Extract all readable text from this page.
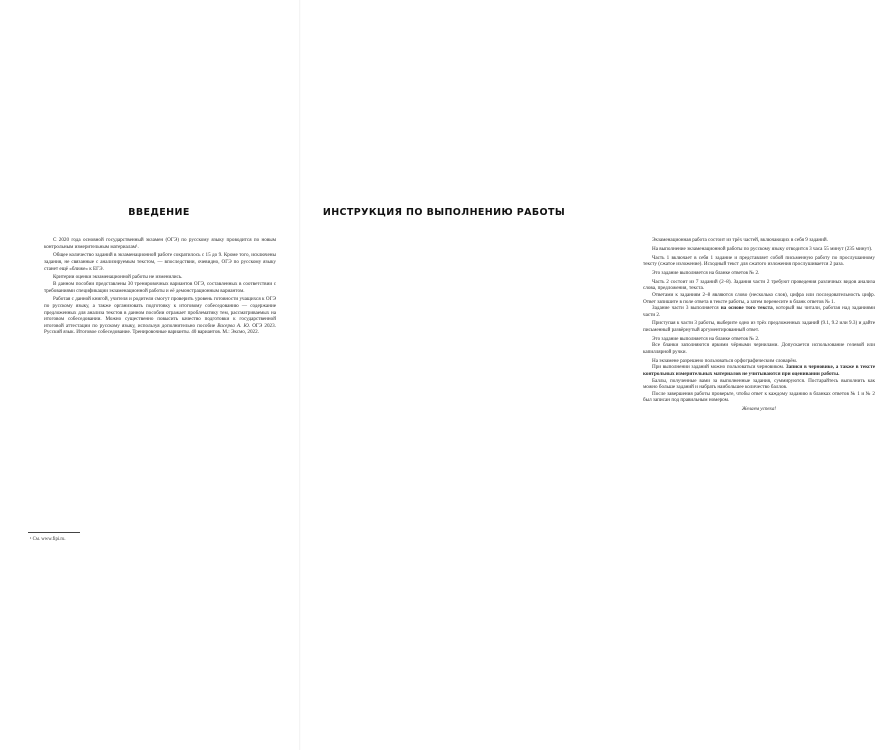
ВВЕДЕНИЕ

С 2020 года основной государственный экзамен (ОГЭ) по русскому языку проводится по новым контрольным измерительным материалам¹.

Общее количество заданий в экзаменационной работе сократилось с 15 до 9. Кроме того, исключены задания, не связанные с анализируемым текстом, — впоследствии, очевидно, ОГЭ по русскому языку станет ещё «ближе» к ЕГЭ.

Критерии оценки экзаменационной работы не изменились.

В данном пособии представлены 30 тренировочных вариантов ОГЭ, составленных в соответствии с требованиями спецификации экзаменационной работы и её демонстрационным вариантом.

Работая с данной книгой, учителя и родители смогут проверить уровень готовности учащихся к ОГЭ по русскому языку, а также организовать подготовку к итоговому собеседованию — содержание предложенных для анализа текстов в данном пособии отражает проблематику тем, рассматриваемых на итоговом собеседовании. Можно существенно повысить качество подготовки к государственной итоговой аттестации по русскому языку, используя дополнительно пособие Васерва А. Ю. ОГЭ 2023. Русский язык. Итоговое собеседование. Тренировочные варианты. 40 вариантов. М.: Эксмо, 2022.

¹ См. www.fipi.ru.
ИНСТРУКЦИЯ ПО ВЫПОЛНЕНИЮ РАБОТЫ

Экзаменационная работа состоит из трёх частей, включающих в себя 9 заданий.

На выполнение экзаменационной работы по русскому языку отводится 3 часа 55 минут (235 минут).

Часть 1 включает в себя 1 задание и представляет собой письменную работу по прослушанному тексту (сжатое изложение). Исходный текст для сжатого изложения прослушивается 2 раза.

Это задание выполняется на бланке ответов № 2.

Часть 2 состоит из 7 заданий (2–8). Задания части 2 требуют проведения различных видов анализа слова, предложения, текста.

Ответами к заданиям 2–8 являются слово (несколько слов), цифра или последовательность цифр. Ответ запишите в поле ответа в тексте работы, а затем перенесите в бланк ответов № 1.

Задание части 3 выполняется на основе того текста, который вы читали, работая над заданиями части 2.

Приступая к части 3 работы, выберите одно из трёх предложенных заданий (9.1, 9.2 или 9.3) и дайте письменный развёрнутый аргументированный ответ.

Это задание выполняется на бланке ответов № 2.

Все бланки заполняются яркими чёрными чернилами. Допускается использование гелевой или капиллярной ручки.

На экзамене разрешено пользоваться орфографическим словарём.

При выполнении заданий можно пользоваться черновиком. Записи в черновике, а также в тексте контрольных измерительных материалов не учитываются при оценивании работы.

Баллы, полученные вами за выполненные задания, суммируются. Постарайтесь выполнить как можно больше заданий и набрать наибольшее количество баллов.

После завершения работы проверьте, чтобы ответ к каждому заданию в бланках ответов № 1 и № 2 был записан под правильным номером.

Желаем успеха!
